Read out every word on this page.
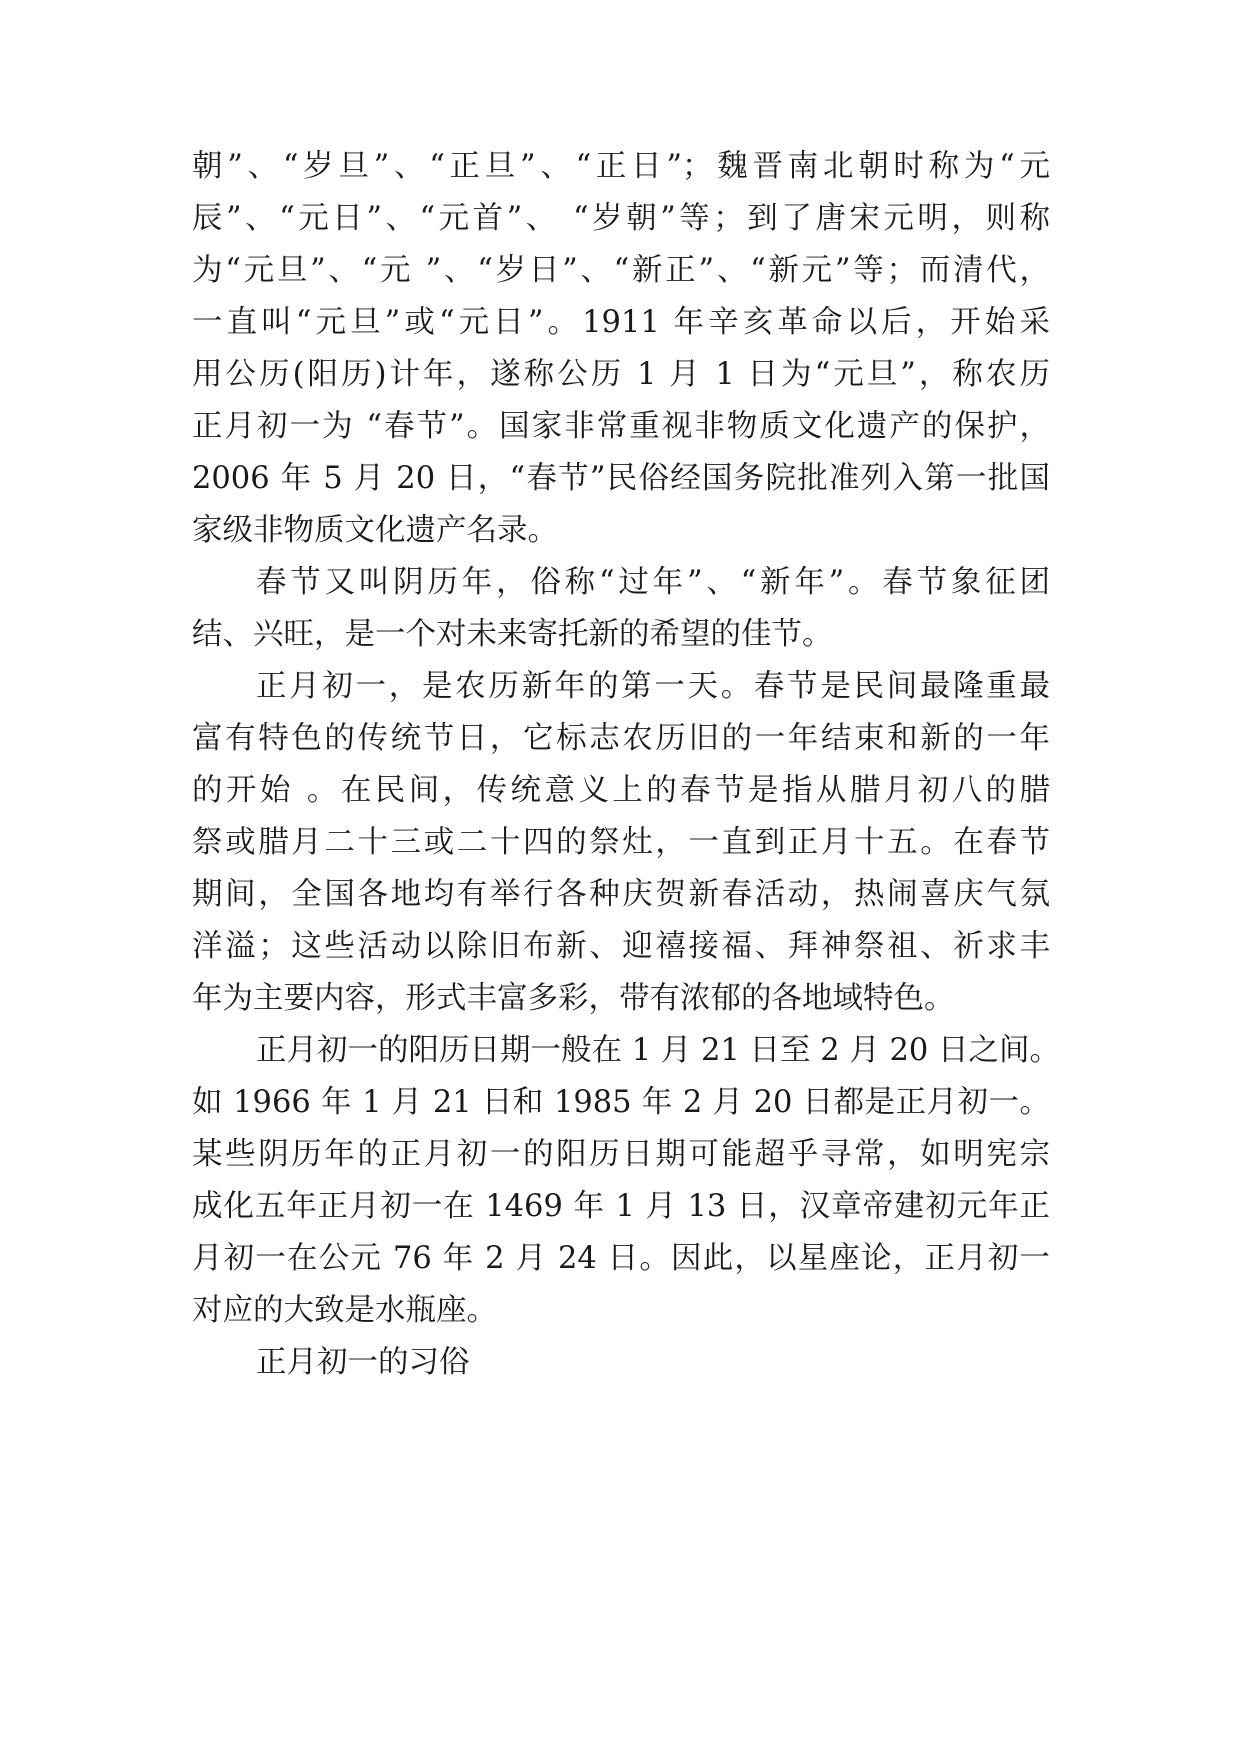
朝”、“岁旦”、“正旦”、“正日”；魏晋南北朝时称为“元
辰”、“元日”、“元首”、 “岁朝”等；到了唐宋元明，则称
为“元旦”、“元 ”、“岁日”、“新正”、“新元”等；而清代，
一直叫“元旦”或“元日”。1911 年辛亥革命以后，开始采
用公历(阳历)计年，遂称公历 1 月 1 日为“元旦”，称农历
正月初一为 “春节”。国家非常重视非物质文化遗产的保护，
2006 年 5 月 20 日，“春节”民俗经国务院批准列入第一批国
家级非物质文化遗产名录。
春节又叫阴历年，俗称“过年”、“新年”。春节象征团
结、兴旺，是一个对未来寄托新的希望的佳节。
正月初一，是农历新年的第一天。春节是民间最隆重最
富有特色的传统节日，它标志农历旧的一年结束和新的一年
的开始 。在民间，传统意义上的春节是指从腊月初八的腊
祭或腊月二十三或二十四的祭灶，一直到正月十五。在春节
期间，全国各地均有举行各种庆贺新春活动，热闹喜庆气氛
洋溢；这些活动以除旧布新、迎禧接福、拜神祭祖、祈求丰
年为主要内容，形式丰富多彩，带有浓郁的各地域特色。
正月初一的阳历日期一般在 1 月 21 日至 2 月 20 日之间。
如 1966 年 1 月 21 日和 1985 年 2 月 20 日都是正月初一。
某些阴历年的正月初一的阳历日期可能超乎寻常，如明宪宗
成化五年正月初一在 1469 年 1 月 13 日，汉章帝建初元年正
月初一在公元 76 年 2 月 24 日。因此，以星座论，正月初一
对应的大致是水瓶座。
正月初一的习俗
